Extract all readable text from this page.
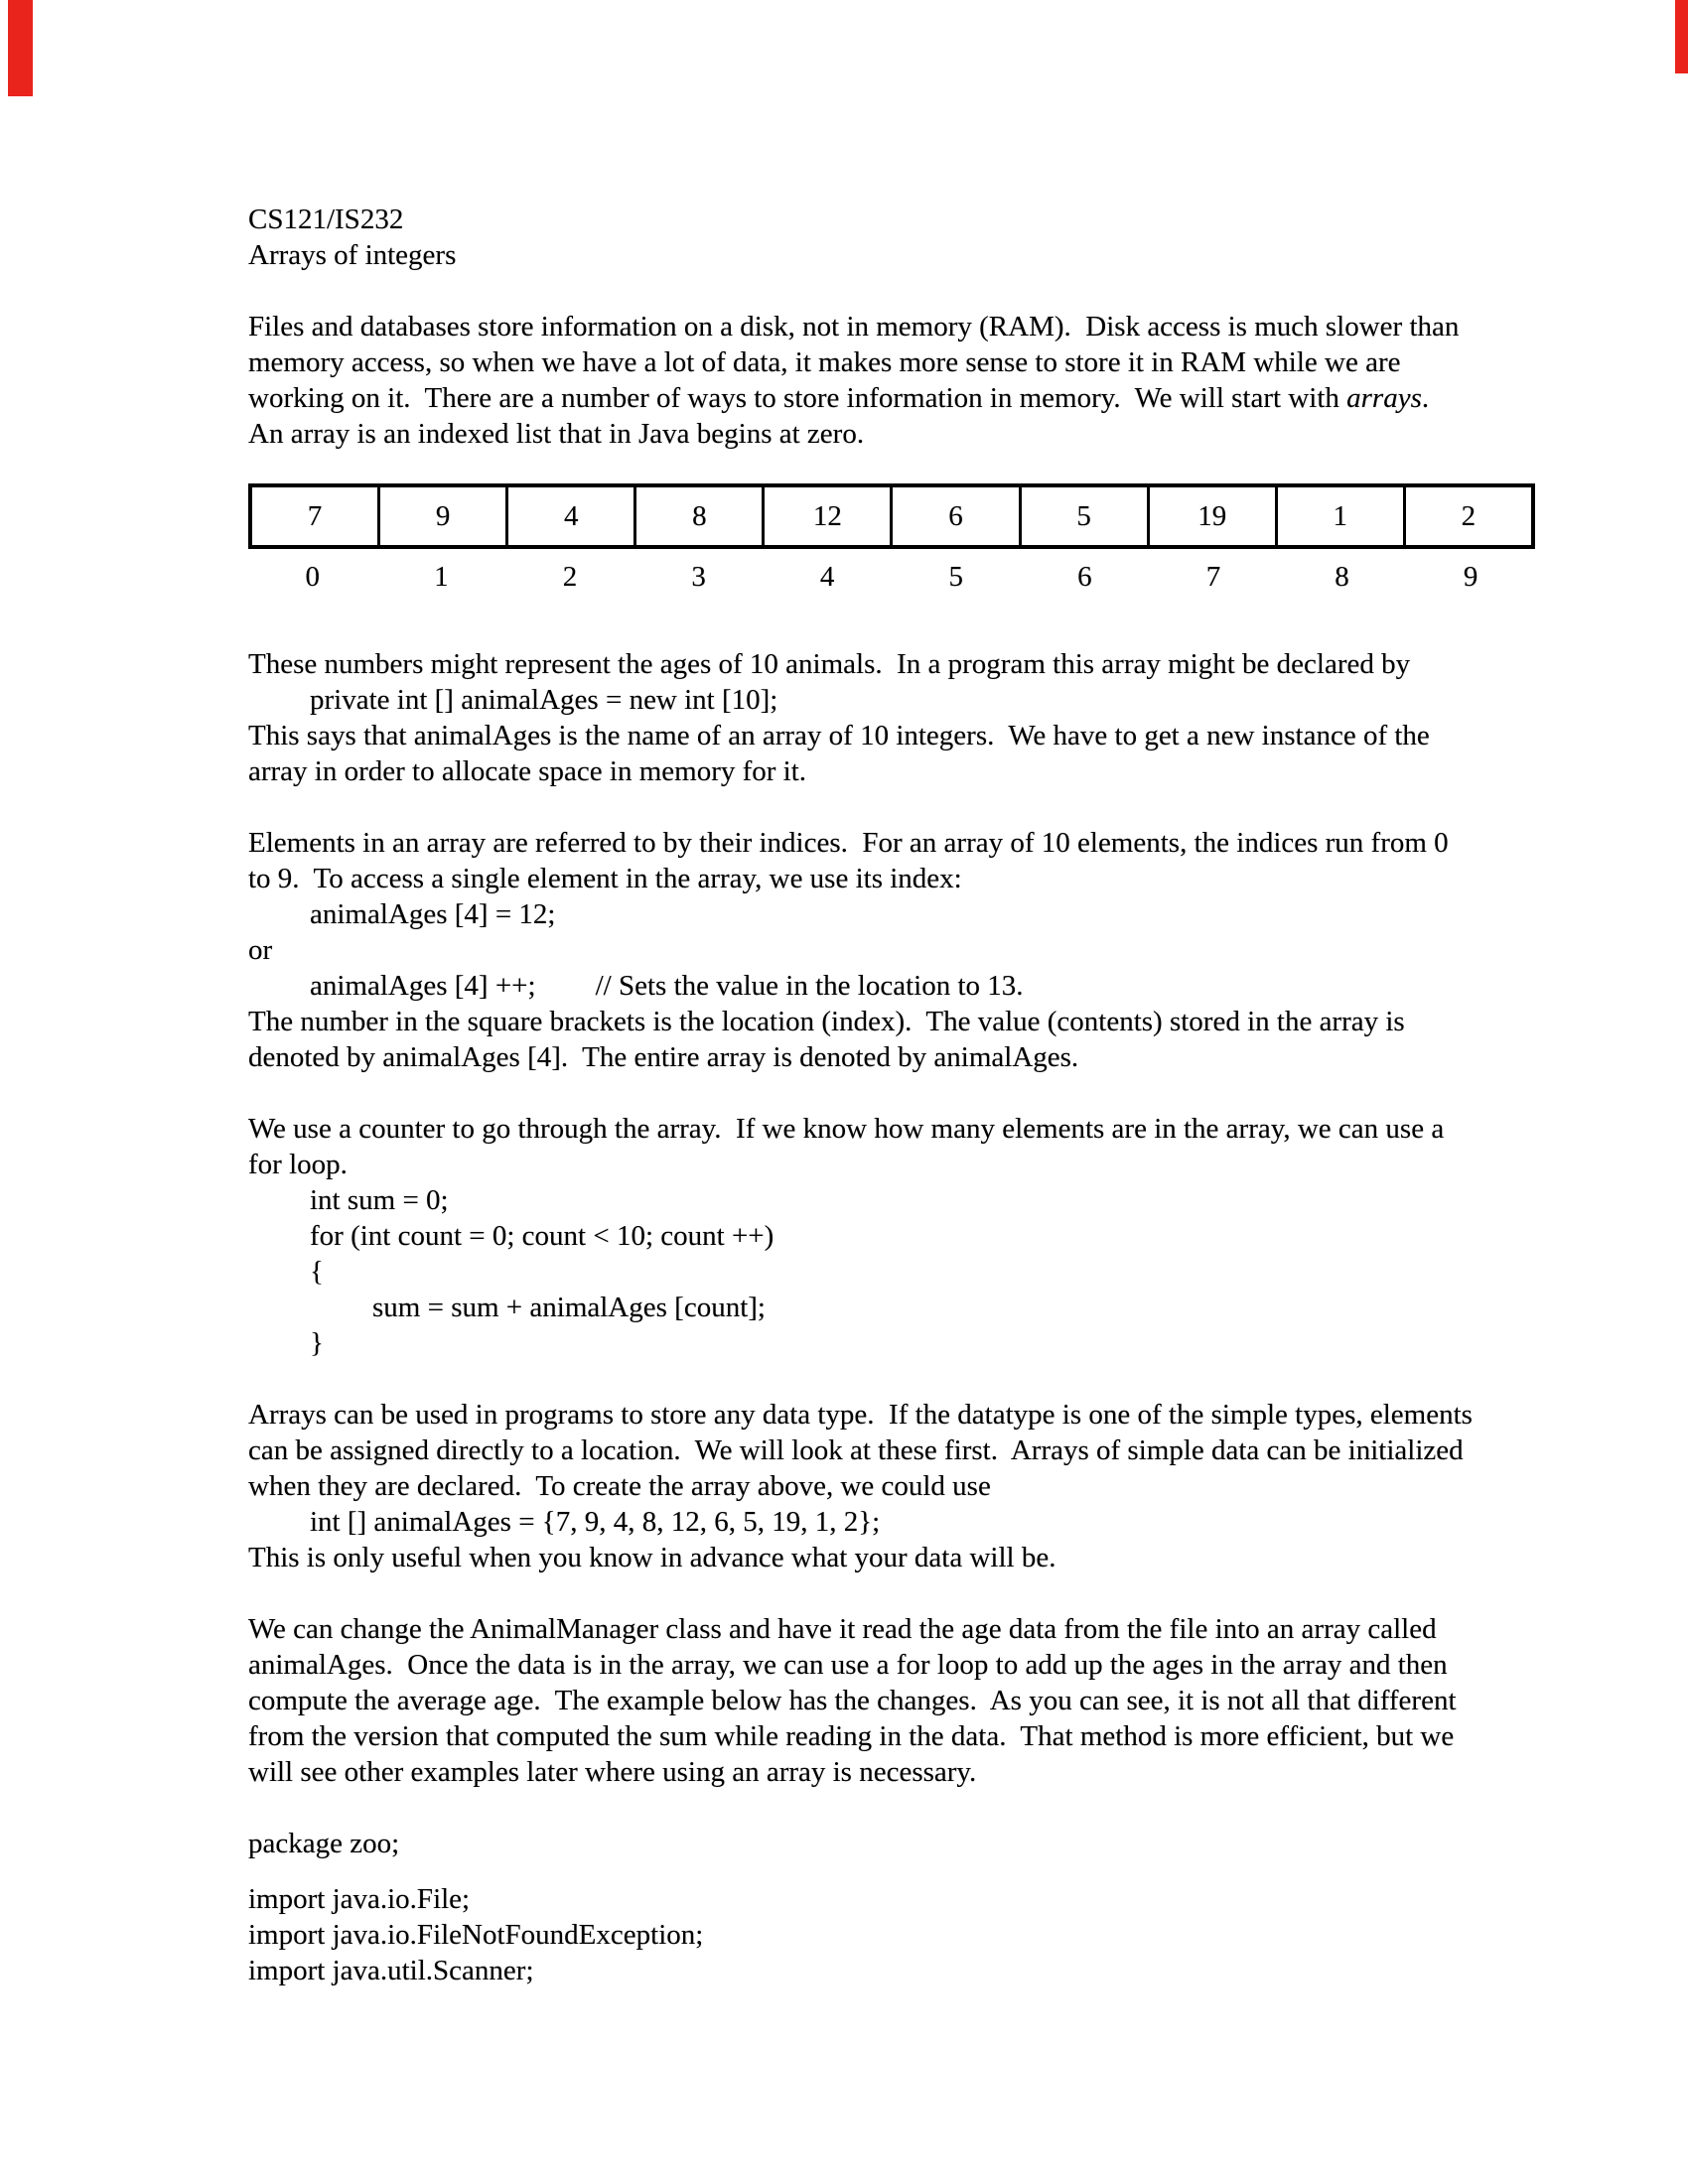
CS121/IS232
Arrays of integers
Files and databases store information on a disk, not in memory (RAM).  Disk access is much slower than
memory access, so when we have a lot of data, it makes more sense to store it in RAM while we are
working on it.  There are a number of ways to store information in memory.  We will start with arrays.
An array is an indexed list that in Java begins at zero.
7	9	4	8	12	6	5	19	1	2
0	1	2	3	4	5	6	7	8	9
These numbers might represent the ages of 10 animals.  In a program this array might be declared by
private int [] animalAges = new int [10];
This says that animalAges is the name of an array of 10 integers.  We have to get a new instance of the
array in order to allocate space in memory for it.
Elements in an array are referred to by their indices.  For an array of 10 elements, the indices run from 0
to 9.  To access a single element in the array, we use its index:
animalAges [4] = 12;
or
animalAges [4] ++; // Sets the value in the location to 13.
The number in the square brackets is the location (index).  The value (contents) stored in the array is
denoted by animalAges [4].  The entire array is denoted by animalAges.
We use a counter to go through the array.  If we know how many elements are in the array, we can use a
for loop.
int sum = 0;
for (int count = 0; count < 10; count ++)
{
sum = sum + animalAges [count];
}
Arrays can be used in programs to store any data type.  If the datatype is one of the simple types, elements
can be assigned directly to a location.  We will look at these first.  Arrays of simple data can be initialized
when they are declared.  To create the array above, we could use
int [] animalAges = {7, 9, 4, 8, 12, 6, 5, 19, 1, 2};
This is only useful when you know in advance what your data will be.
We can change the AnimalManager class and have it read the age data from the file into an array called
animalAges.  Once the data is in the array, we can use a for loop to add up the ages in the array and then
compute the average age.  The example below has the changes.  As you can see, it is not all that different
from the version that computed the sum while reading in the data.  That method is more efficient, but we
will see other examples later where using an array is necessary.
package zoo;
import java.io.File;
import java.io.FileNotFoundException;
import java.util.Scanner;
